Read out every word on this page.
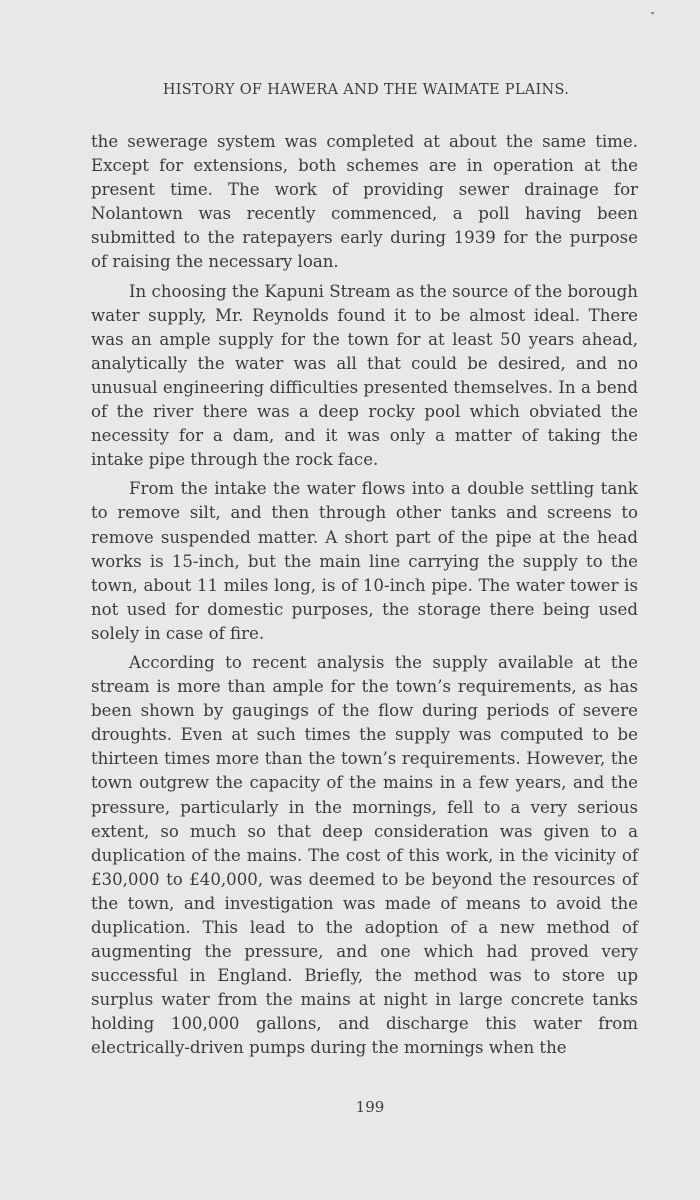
HISTORY OF HAWERA AND THE WAIMATE PLAINS.

the sewerage system was completed at about the same time. Except for extensions, both schemes are in operation at the present time. The work of providing sewer drainage for Nolantown was recently commenced, a poll having been submitted to the ratepayers early during 1939 for the purpose of raising the necessary loan.

In choosing the Kapuni Stream as the source of the borough water supply, Mr. Reynolds found it to be almost ideal. There was an ample supply for the town for at least 50 years ahead, analytically the water was all that could be desired, and no unusual engineering difficulties presented themselves. In a bend of the river there was a deep rocky pool which obviated the necessity for a dam, and it was only a matter of taking the intake pipe through the rock face.

From the intake the water flows into a double settling tank to remove silt, and then through other tanks and screens to remove suspended matter. A short part of the pipe at the head works is 15-inch, but the main line carrying the supply to the town, about 11 miles long, is of 10-inch pipe. The water tower is not used for domestic purposes, the storage there being used solely in case of fire.

According to recent analysis the supply available at the stream is more than ample for the town’s requirements, as has been shown by gaugings of the flow during periods of severe droughts. Even at such times the supply was computed to be thirteen times more than the town’s requirements. However, the town outgrew the capacity of the mains in a few years, and the pressure, particularly in the mornings, fell to a very serious extent, so much so that deep consideration was given to a duplication of the mains. The cost of this work, in the vicinity of £30,000 to £40,000, was deemed to be beyond the resources of the town, and investigation was made of means to avoid the duplication. This lead to the adoption of a new method of augmenting the pressure, and one which had proved very successful in England. Briefly, the method was to store up surplus water from the mains at night in large concrete tanks holding 100,000 gallons, and discharge this water from electrically-driven pumps during the mornings when the

199
